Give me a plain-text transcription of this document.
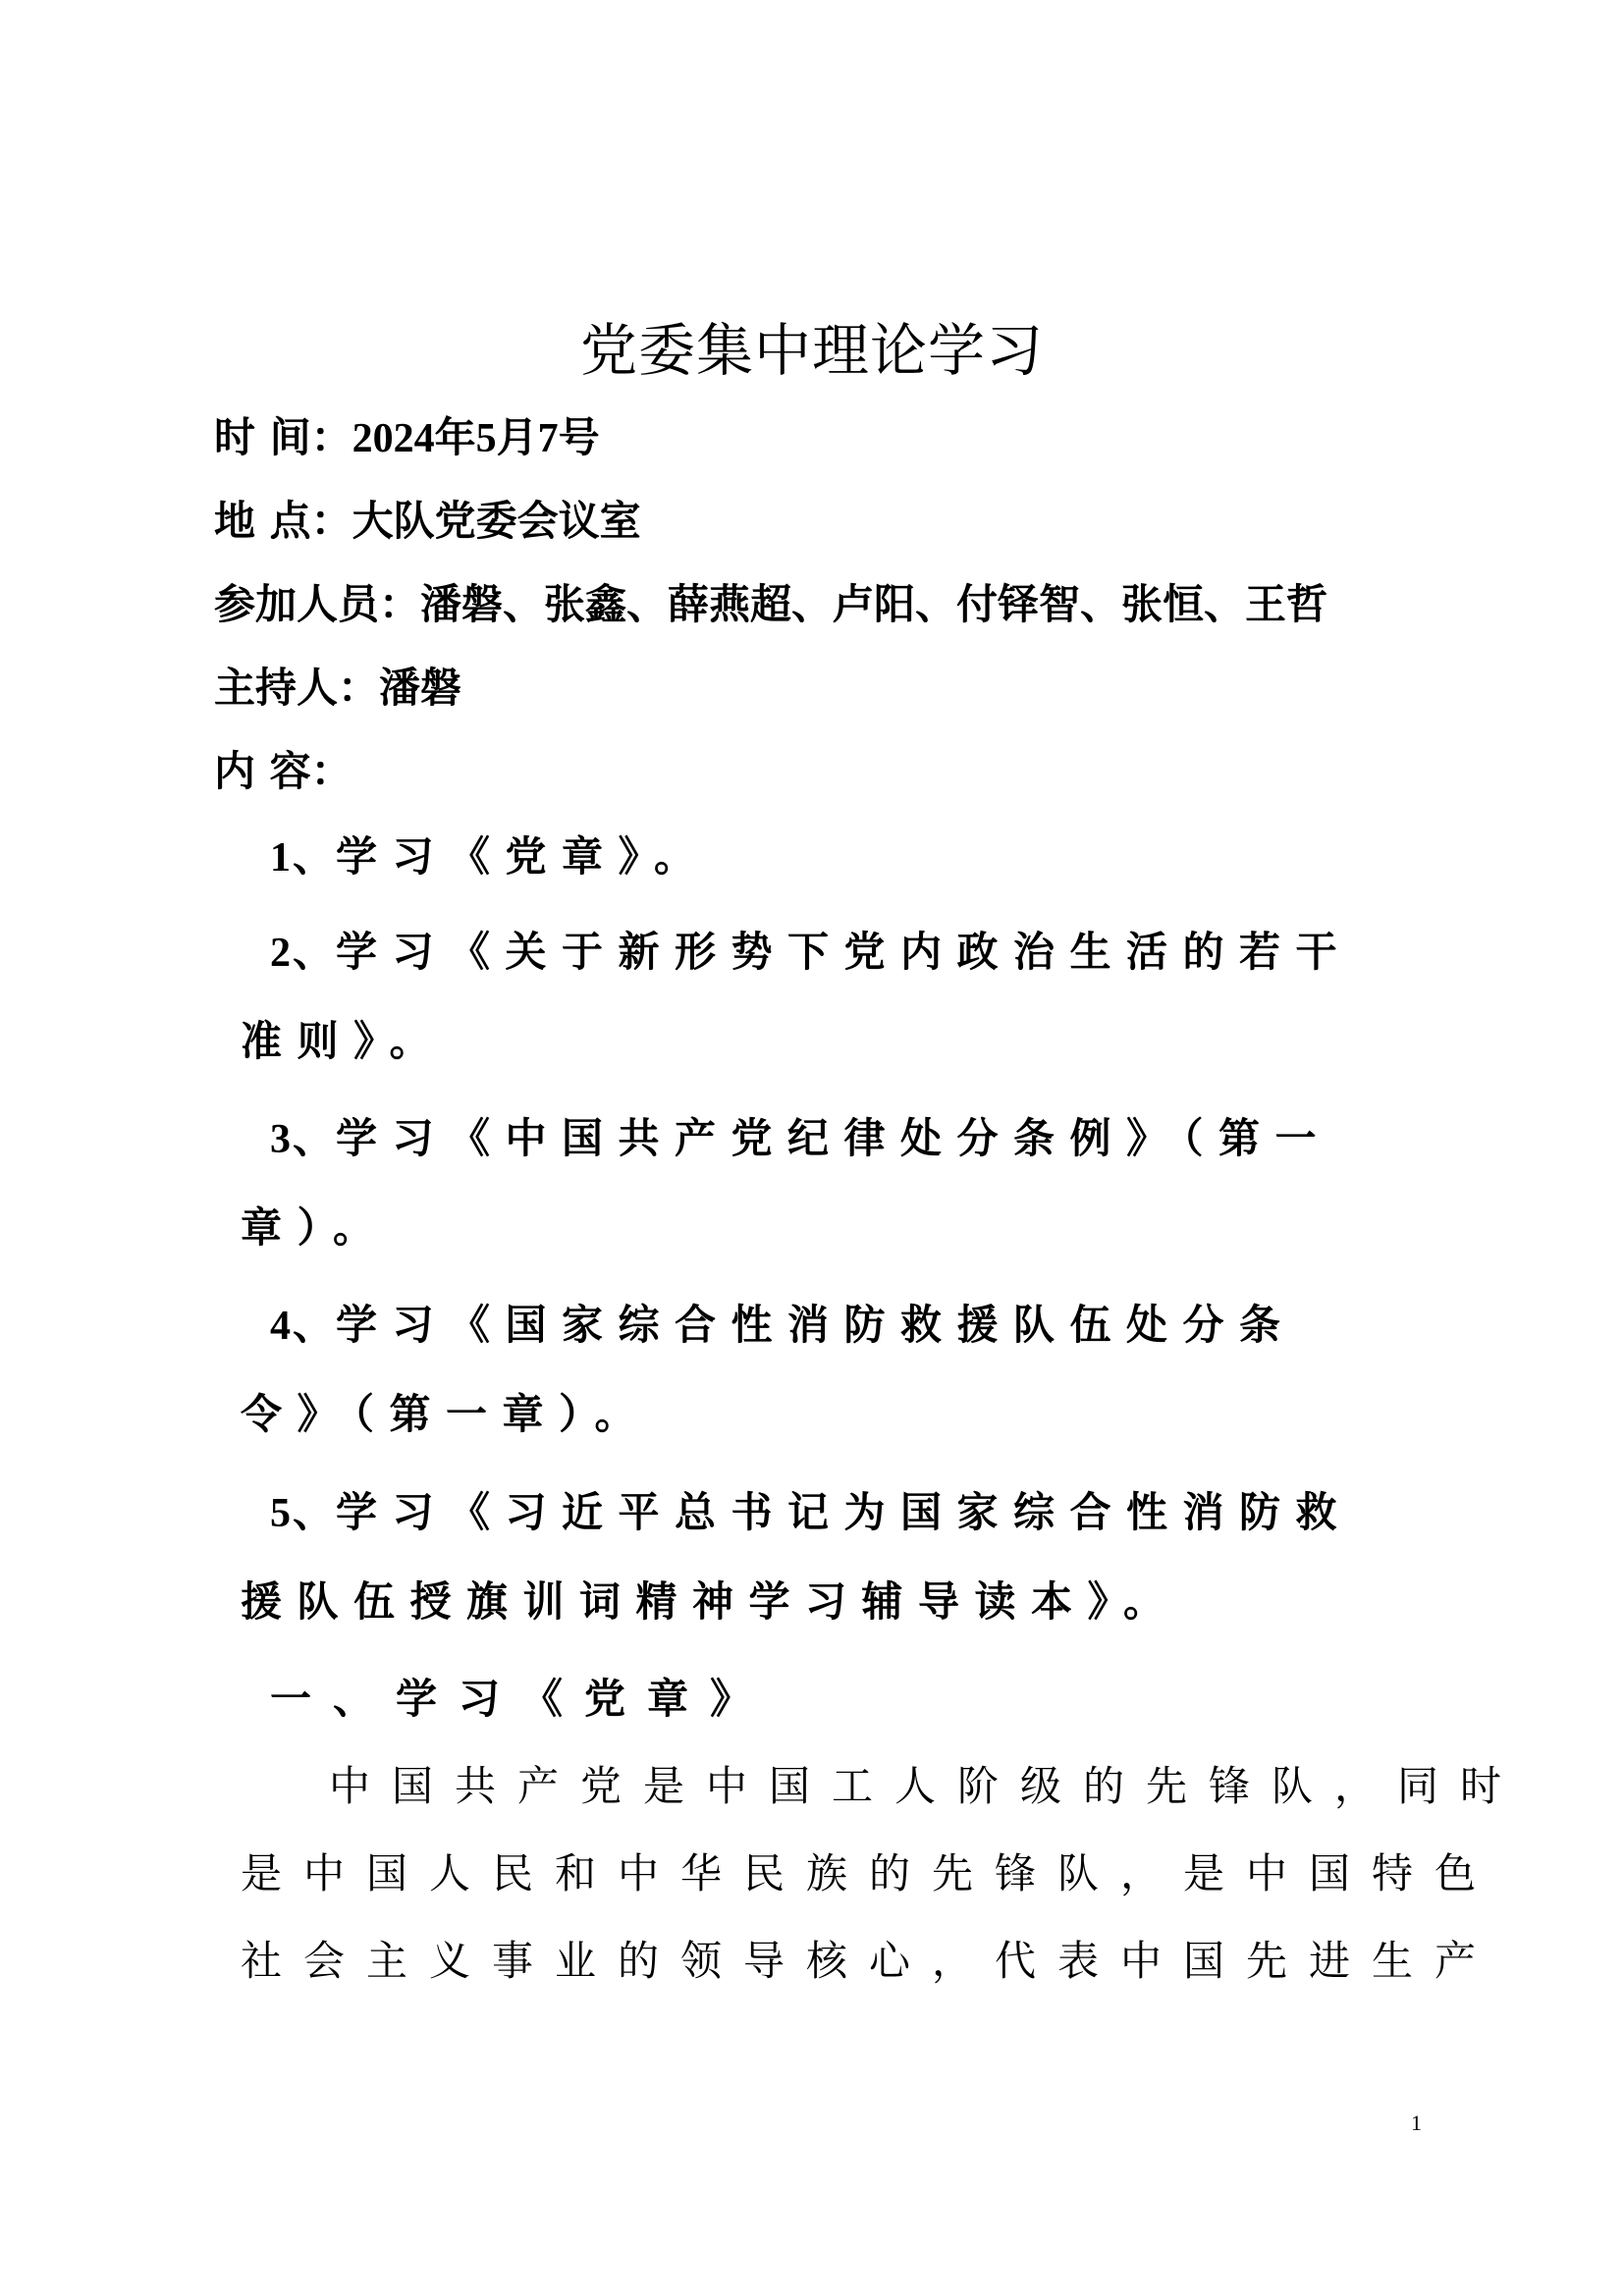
党委集中理论学习
时 间：2024年5月7号
地 点：大队党委会议室
参加人员：潘磐、张鑫、薛燕超、卢阳、付铎智、张恒、王哲
主持人：潘磐
内 容：
1、学习《党章》。
2、学习《关于新形势下党内政治生活的若干
准则》。
3、学习《中国共产党纪律处分条例》（第一
章）。
4、学习《国家综合性消防救援队伍处分条
令》（第一章）。
5、学习《习近平总书记为国家综合性消防救
援队伍授旗训词精神学习辅导读本》。
一、学习《党章》
中国共产党是中国工人阶级的先锋队，同时
是中国人民和中华民族的先锋队，是中国特色
社会主义事业的领导核心，代表中国先进生产
1
